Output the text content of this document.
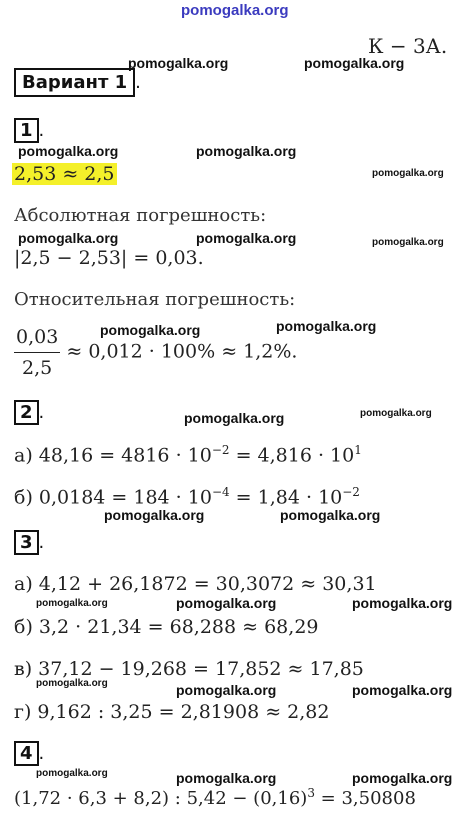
pomogalka.org
К − 3А.
pomogalka.org	pomogalka.org
Вариант 1 .
1 .
pomogalka.org	pomogalka.org
2,53 ≈ 2,5	pomogalka.org
Абсолютная погрешность:
pomogalka.org	pomogalka.org	pomogalka.org
|2,5 − 2,53| = 0,03.
Относительная погрешность:
pomogalka.org	pomogalka.org
$\frac{0,03}{2,5} \approx 0,012 \cdot 100\% \approx 1,2\%$.
2 .	pomogalka.org	pomogalka.org
а) $48,16 = 4816 \cdot 10^{-2} = 4,816 \cdot 10^1$
б) $0,0184 = 184 \cdot 10^{-4} = 1,84 \cdot 10^{-2}$
pomogalka.org	pomogalka.org
3 .
а) 4,12 + 26,1872 = 30,3072 ≈ 30,31
pomogalka.org	pomogalka.org	pomogalka.org
б) 3,2 · 21,34 = 68,288 ≈ 68,29
в) 37,12 − 19,268 = 17,852 ≈ 17,85
pomogalka.org	pomogalka.org	pomogalka.org
г) 9,162 : 3,25 = 2,81908 ≈ 2,82
4 .
pomogalka.org	pomogalka.org	pomogalka.org
(1,72 · 6,3 + 8,2) : $5,42 - (0,16)^3 = 3,50808$
